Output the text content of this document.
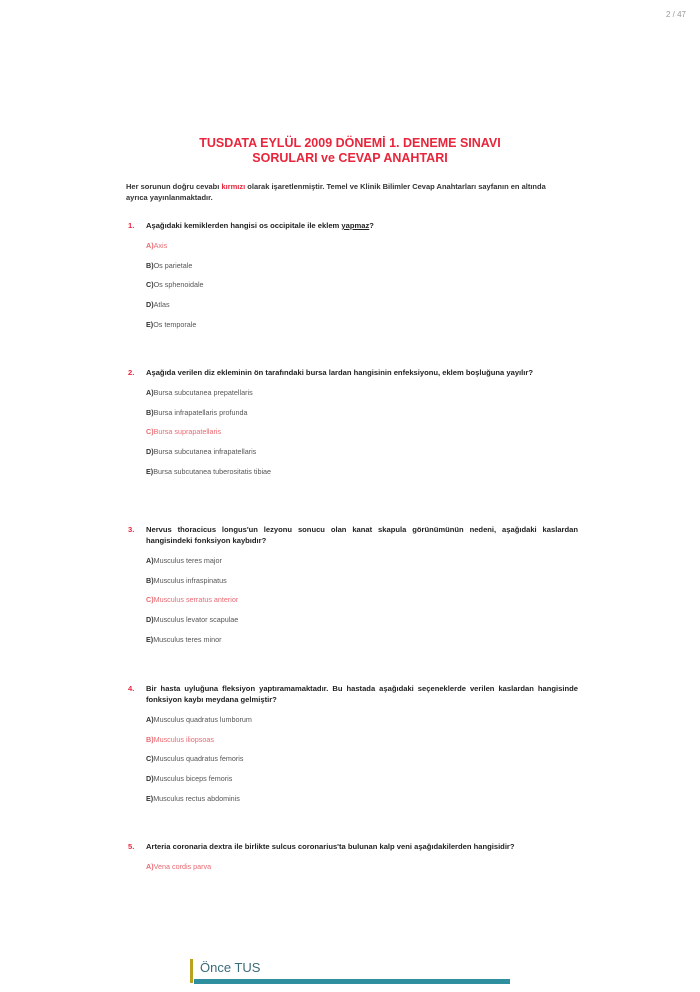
2 / 47
TUSDATA EYLÜL 2009 DÖNEMİ 1. DENEME SINAVI
SORULARI ve CEVAP ANAHTARI
Her sorunun doğru cevabı kırmızı olarak işaretlenmiştir. Temel ve Klinik Bilimler Cevap Anahtarları sayfanın en altında ayrıca yayınlanmaktadır.
1.	Aşağıdaki kemiklerden hangisi os occipitale ile eklem yapmaz?
A)Axis
B)Os parietale
C)Os sphenoidale
D)Atlas
E)Os temporale
2.	Aşağıda verilen diz ekleminin ön tarafındaki bursa lardan hangisinin enfeksiyonu, eklem boşluğuna yayılır?
A)Bursa subcutanea prepatellaris
B)Bursa infrapatellaris profunda
C)Bursa suprapatellaris
D)Bursa subcutanea infrapatellaris
E)Bursa subcutanea tuberositatis tibiae
3.	Nervus thoracicus longus'un lezyonu sonucu olan kanat skapula görünümünün nedeni, aşağıdaki kaslardan hangisindeki fonksiyon kaybıdır?
A)Musculus teres major
B)Musculus infraspinatus
C)Musculus serratus anterior
D)Musculus levator scapulae
E)Musculus teres minor
4.	Bir hasta uyluğuna fleksiyon yaptıramamaktadır. Bu hastada aşağıdaki seçeneklerde verilen kaslardan hangisinde fonksiyon kaybı meydana gelmiştir?
A)Musculus quadratus lumborum
B)Musculus iliopsoas
C)Musculus quadratus femoris
D)Musculus biceps femoris
E)Musculus rectus abdominis
5.	Arteria coronaria dextra ile birlikte sulcus coronarius'ta bulunan kalp veni aşağıdakilerden hangisidir?
A)Vena cordis parva
Önce TUS
